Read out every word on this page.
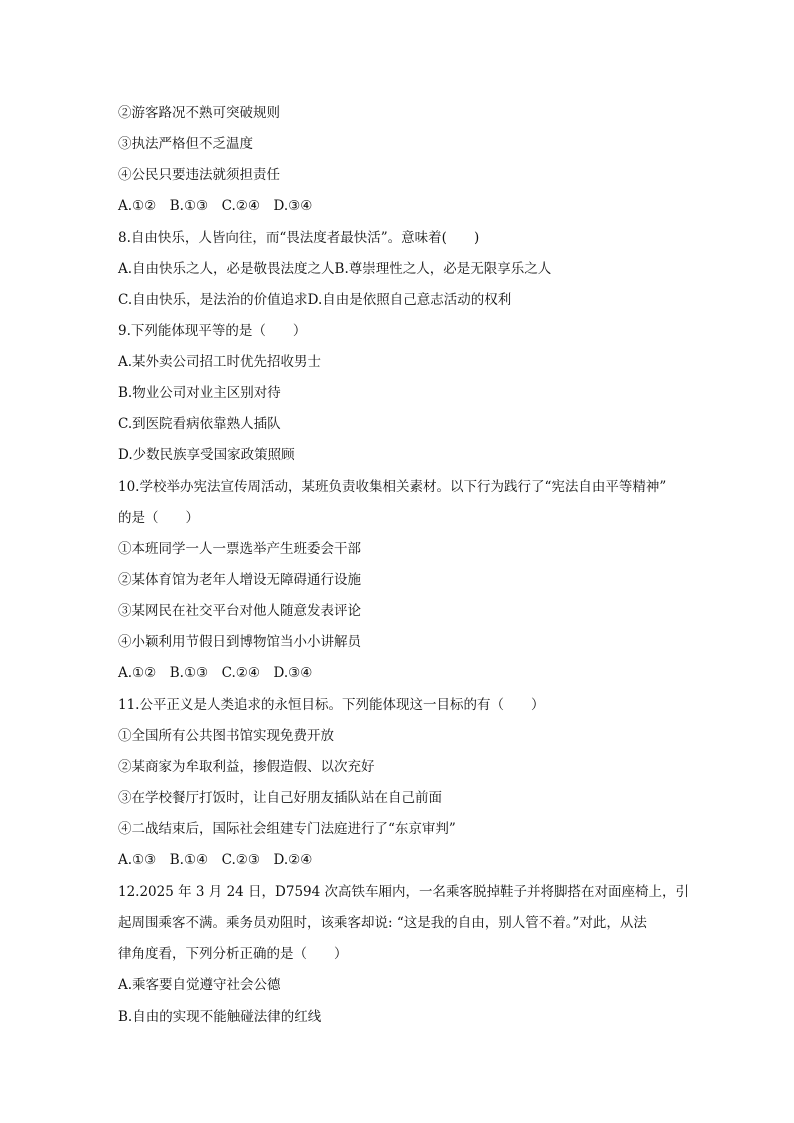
②游客路况不熟可突破规则
③执法严格但不乏温度
④公民只要违法就须担责任
A.①②　B.①③　C.②④　D.③④
8.自由快乐，人皆向往，而“畏法度者最快活”。意味着(　　)
A.自由快乐之人，必是敬畏法度之人B.尊崇理性之人，必是无限享乐之人
C.自由快乐，是法治的价值追求D.自由是依照自己意志活动的权利
9.下列能体现平等的是（　　）
A.某外卖公司招工时优先招收男士
B.物业公司对业主区别对待
C.到医院看病依靠熟人插队
D.少数民族享受国家政策照顾
10.学校举办宪法宣传周活动，某班负责收集相关素材。以下行为践行了“宪法自由平等精神”
的是（　　）
①本班同学一人一票选举产生班委会干部
②某体育馆为老年人增设无障碍通行设施
③某网民在社交平台对他人随意发表评论
④小颖利用节假日到博物馆当小小讲解员
A.①②　B.①③　C.②④　D.③④
11.公平正义是人类追求的永恒目标。下列能体现这一目标的有（　　）
①全国所有公共图书馆实现免费开放
②某商家为牟取利益，掺假造假、以次充好
③在学校餐厅打饭时，让自己好朋友插队站在自己前面
④二战结束后，国际社会组建专门法庭进行了“东京审判”
A.①③　B.①④　C.②③　D.②④
12.2025 年 3 月 24 日，D7594 次高铁车厢内，一名乘客脱掉鞋子并将脚搭在对面座椅上，引
起周围乘客不满。乘务员劝阻时，该乘客却说: “这是我的自由，别人管不着。”对此，从法
律角度看，下列分析正确的是（　　）
A.乘客要自觉遵守社会公德
B.自由的实现不能触碰法律的红线
